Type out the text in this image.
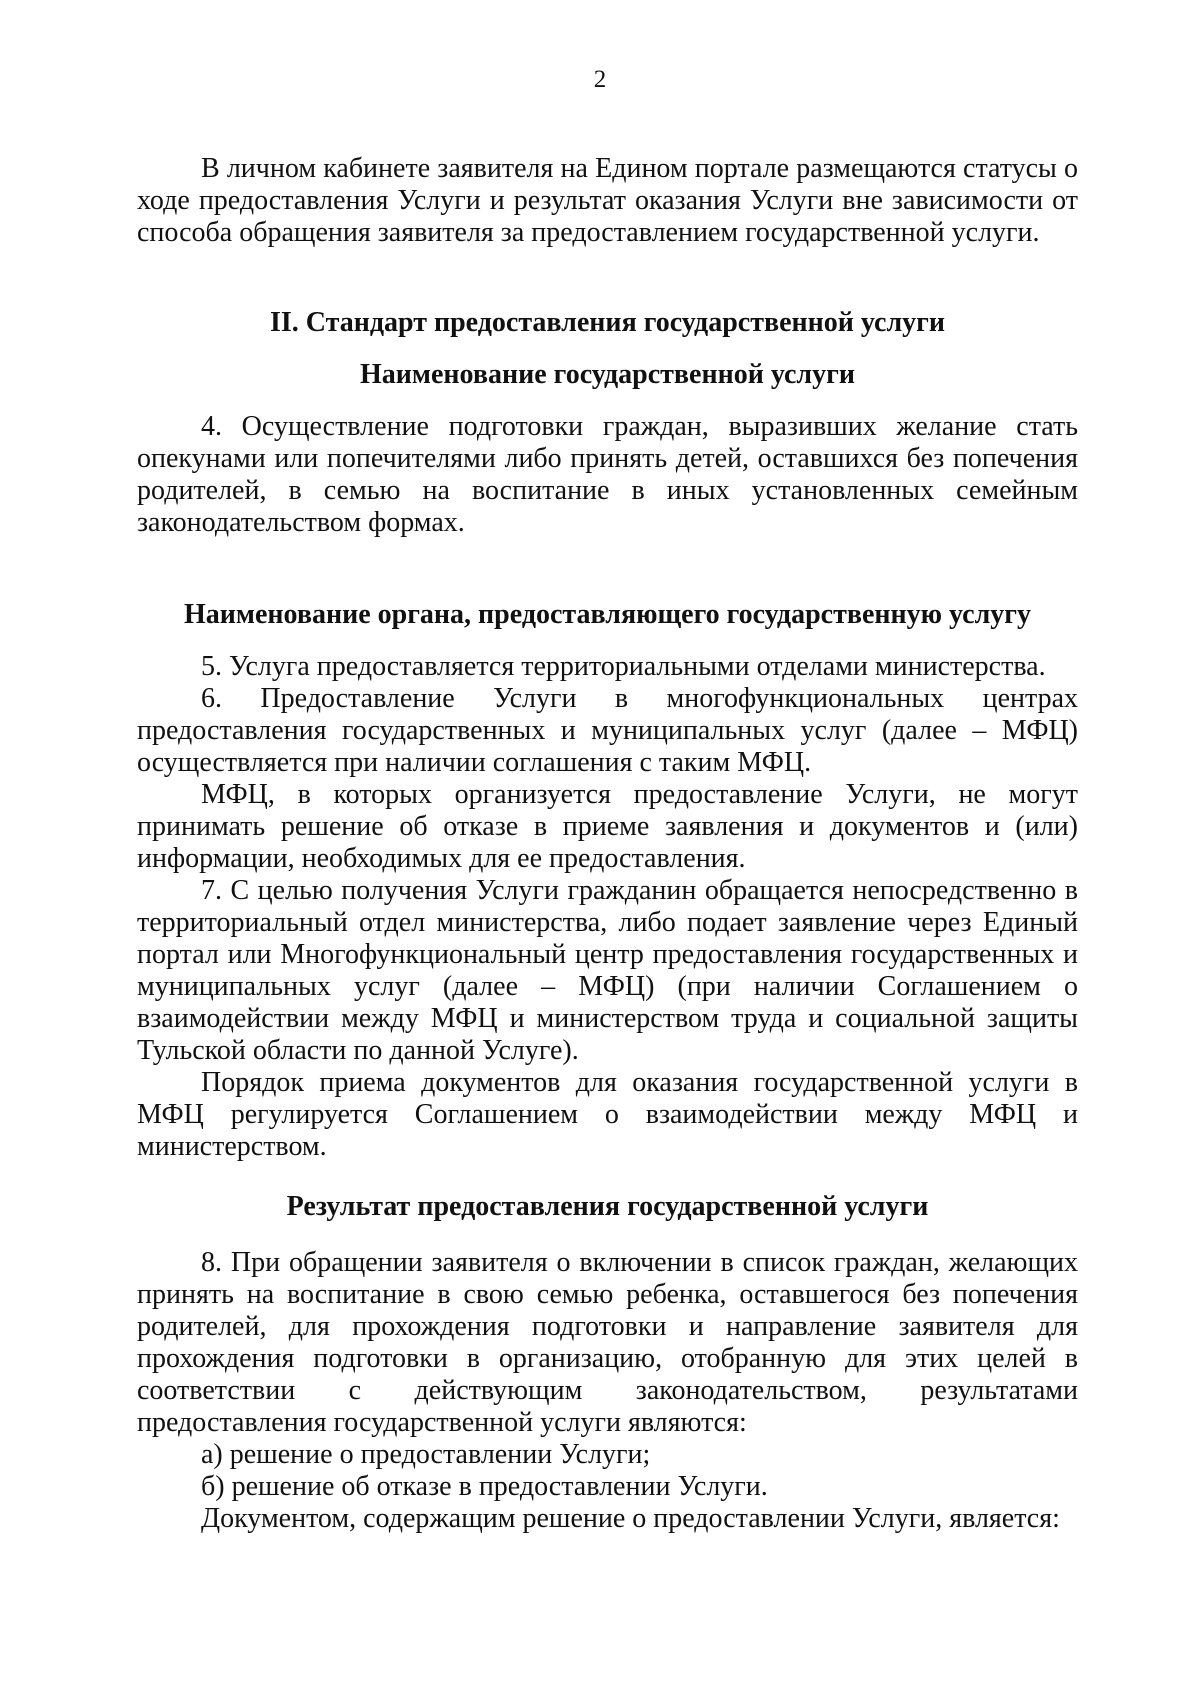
2

В личном кабинете заявителя на Едином портале размещаются статусы о ходе предоставления Услуги и результат оказания Услуги вне зависимости от способа обращения заявителя за предоставлением государственной услуги.

II. Стандарт предоставления государственной услуги
Наименование государственной услуги

4. Осуществление подготовки граждан, выразивших желание стать опекунами или попечителями либо принять детей, оставшихся без попечения родителей, в семью на воспитание в иных установленных семейным законодательством формах.

Наименование органа, предоставляющего государственную услугу

5. Услуга предоставляется территориальными отделами министерства.

6. Предоставление Услуги в многофункциональных центрах предоставления государственных и муниципальных услуг (далее – МФЦ) осуществляется при наличии соглашения с таким МФЦ.

МФЦ, в которых организуется предоставление Услуги, не могут принимать решение об отказе в приеме заявления и документов и (или) информации, необходимых для ее предоставления.

7. С целью получения Услуги гражданин обращается непосредственно в территориальный отдел министерства, либо подает заявление через Единый портал или Многофункциональный центр предоставления государственных и муниципальных услуг (далее – МФЦ) (при наличии Соглашением о взаимодействии между МФЦ и министерством труда и социальной защиты Тульской области по данной Услуге).

Порядок приема документов для оказания государственной услуги в МФЦ регулируется Соглашением о взаимодействии между МФЦ и министерством.

Результат предоставления государственной услуги

8. При обращении заявителя о включении в список граждан, желающих принять на воспитание в свою семью ребенка, оставшегося без попечения родителей, для прохождения подготовки и направление заявителя для прохождения подготовки в организацию, отобранную для этих целей в соответствии с действующим законодательством, результатами предоставления государственной услуги являются:

а) решение о предоставлении Услуги;

б) решение об отказе в предоставлении Услуги.

Документом, содержащим решение о предоставлении Услуги, является:
